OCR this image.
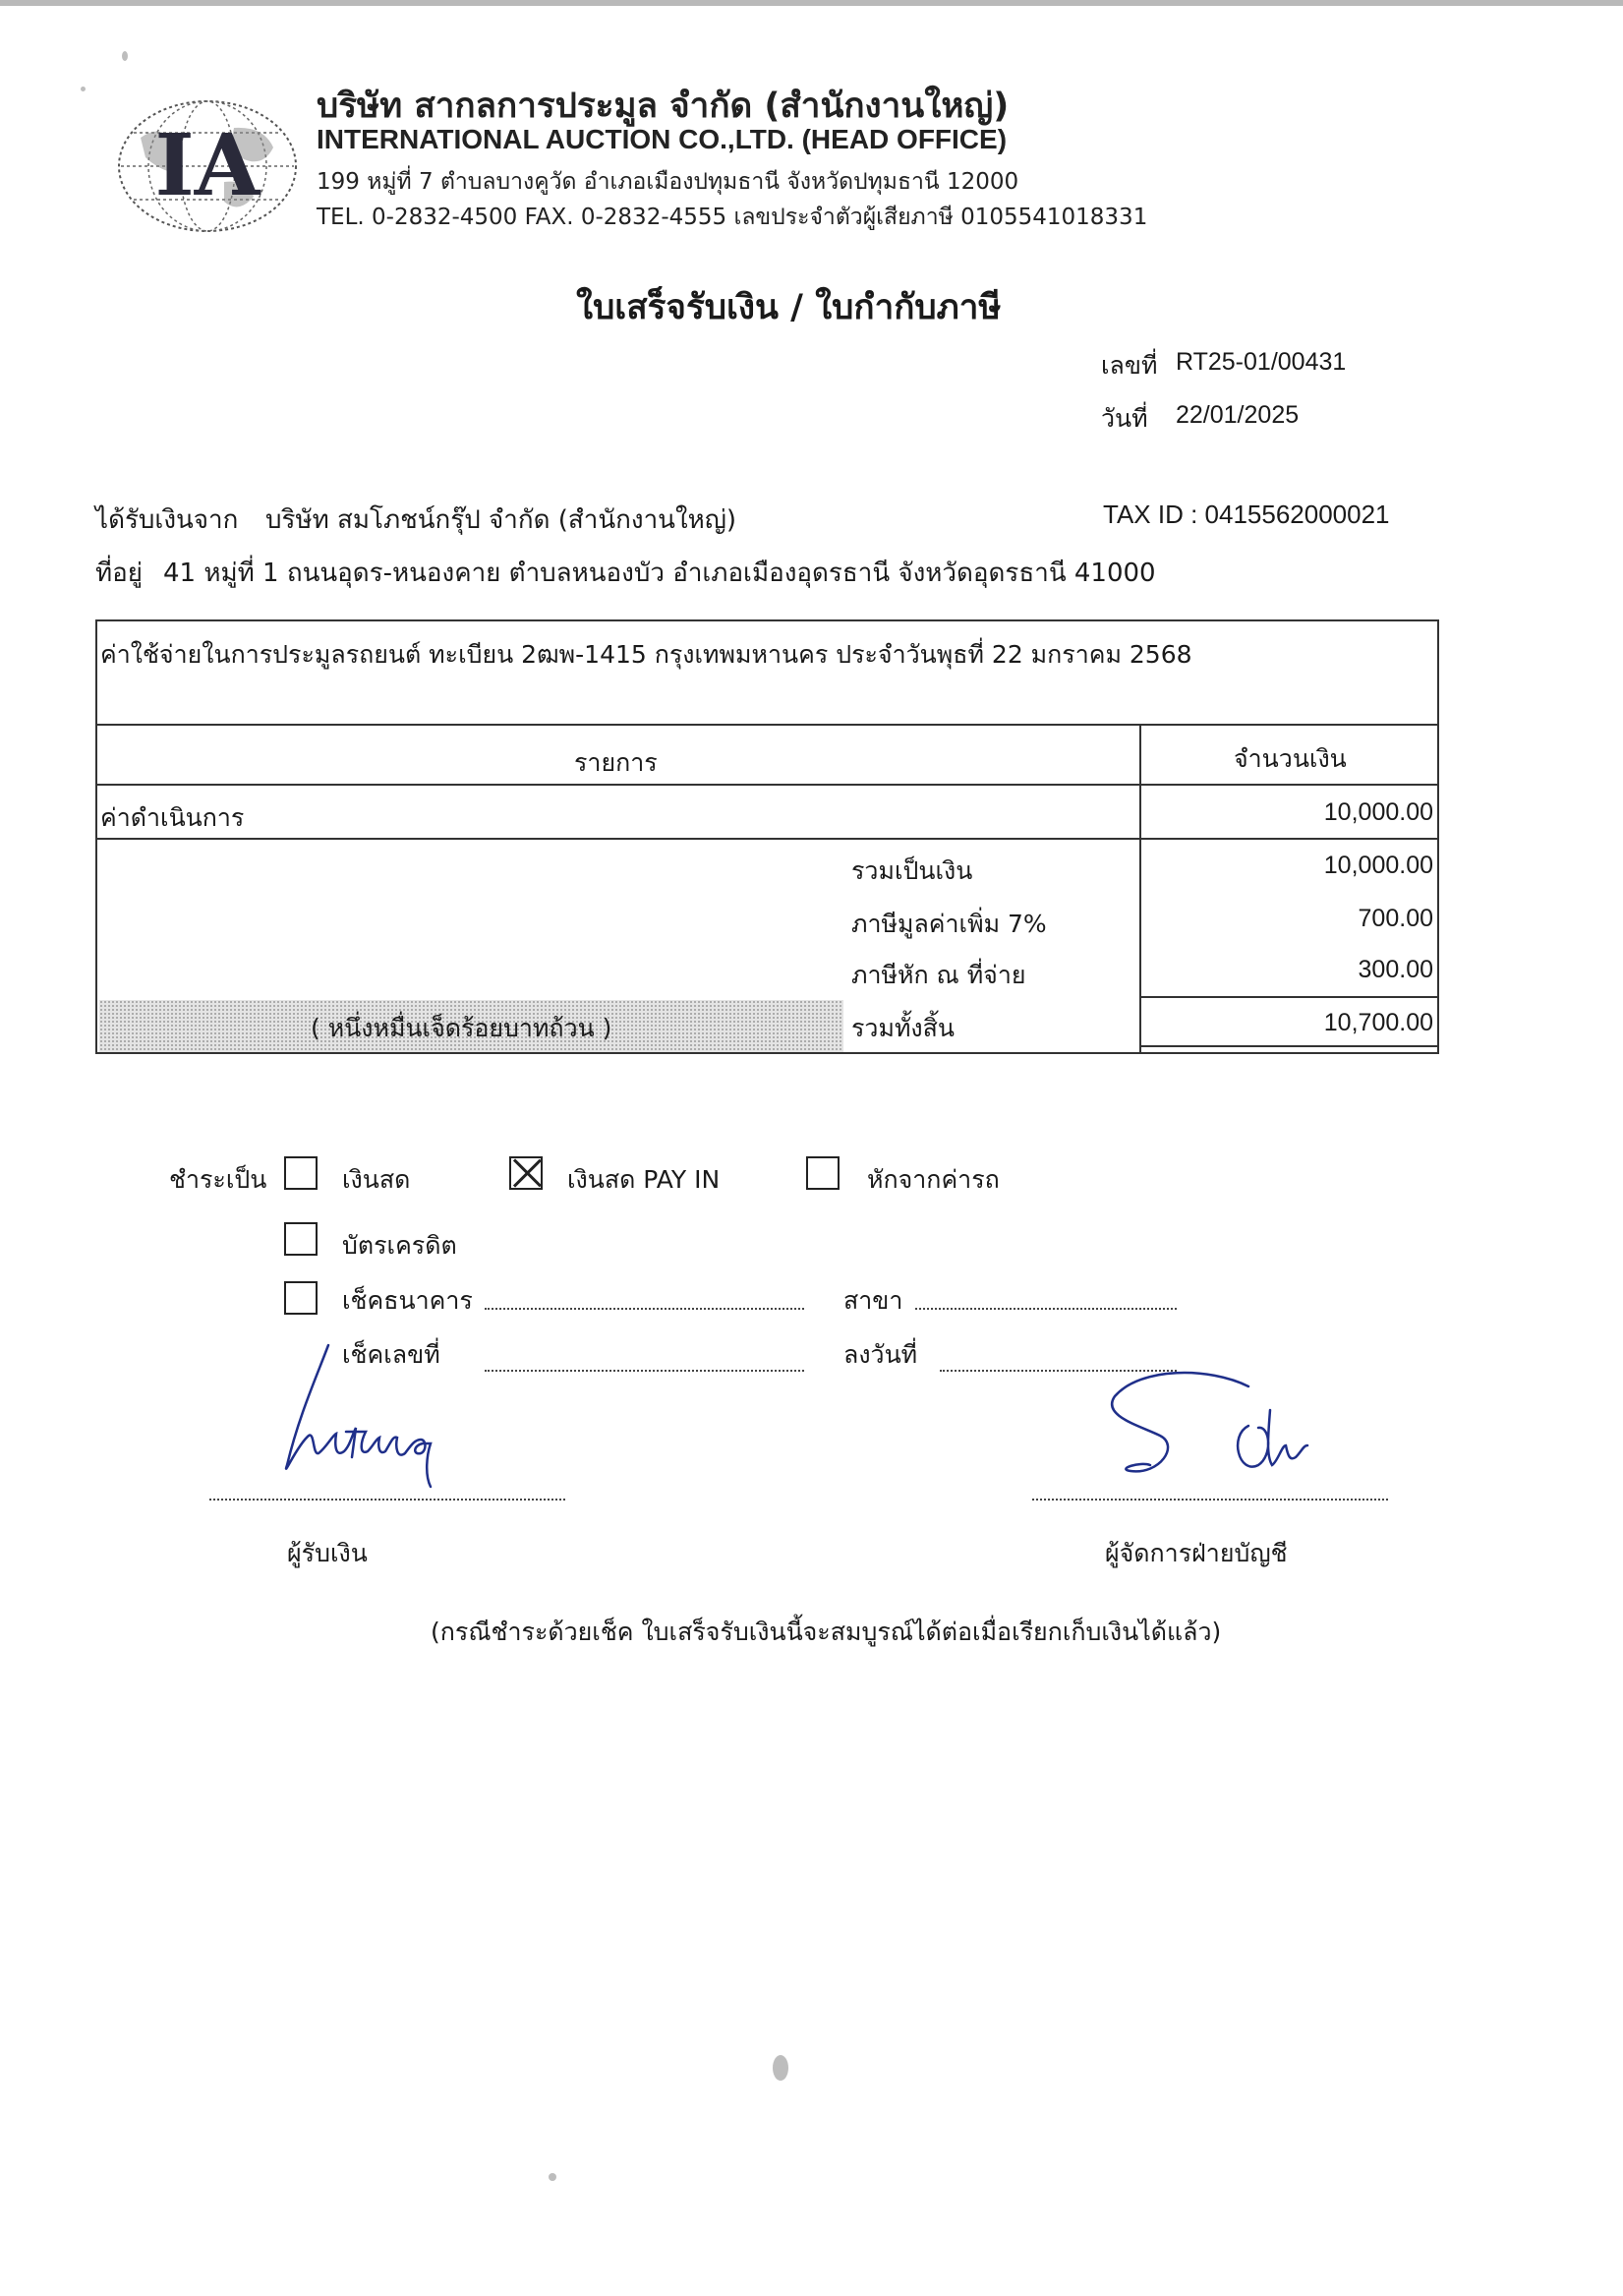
IA
บริษัท สากลการประมูล จำกัด (สำนักงานใหญ่)
INTERNATIONAL AUCTION CO.,LTD. (HEAD OFFICE)
199 หมู่ที่ 7 ตำบลบางคูวัด อำเภอเมืองปทุมธานี จังหวัดปทุมธานี 12000
TEL. 0-2832-4500 FAX. 0-2832-4555 เลขประจำตัวผู้เสียภาษี 0105541018331
ใบเสร็จรับเงิน / ใบกำกับภาษี
เลขที่ RT25-01/00431
วันที่ 22/01/2025
ได้รับเงินจาก บริษัท สมโภชน์กรุ๊ป จำกัด (สำนักงานใหญ่)	TAX ID : 0415562000021
ที่อยู่ 41 หมู่ที่ 1 ถนนอุดร-หนองคาย ตำบลหนองบัว อำเภอเมืองอุดรธานี จังหวัดอุดรธานี 41000
ค่าใช้จ่ายในการประมูลรถยนต์ ทะเบียน 2ฒพ-1415 กรุงเทพมหานคร ประจำวันพุธที่ 22 มกราคม 2568
รายการ	จำนวนเงิน
ค่าดำเนินการ	10,000.00
รวมเป็นเงิน	10,000.00
ภาษีมูลค่าเพิ่ม 7%	700.00
ภาษีหัก ณ ที่จ่าย	300.00
( หนึ่งหมื่นเจ็ดร้อยบาทถ้วน )	รวมทั้งสิ้น	10,700.00
ชำระเป็น	เงินสด	เงินสด PAY IN	หักจากค่ารถ
บัตรเครดิต
เช็คธนาคาร	สาขา
เช็คเลขที่	ลงวันที่
ผู้รับเงิน	ผู้จัดการฝ่ายบัญชี
(กรณีชำระด้วยเช็ค ใบเสร็จรับเงินนี้จะสมบูรณ์ได้ต่อเมื่อเรียกเก็บเงินได้แล้ว)
